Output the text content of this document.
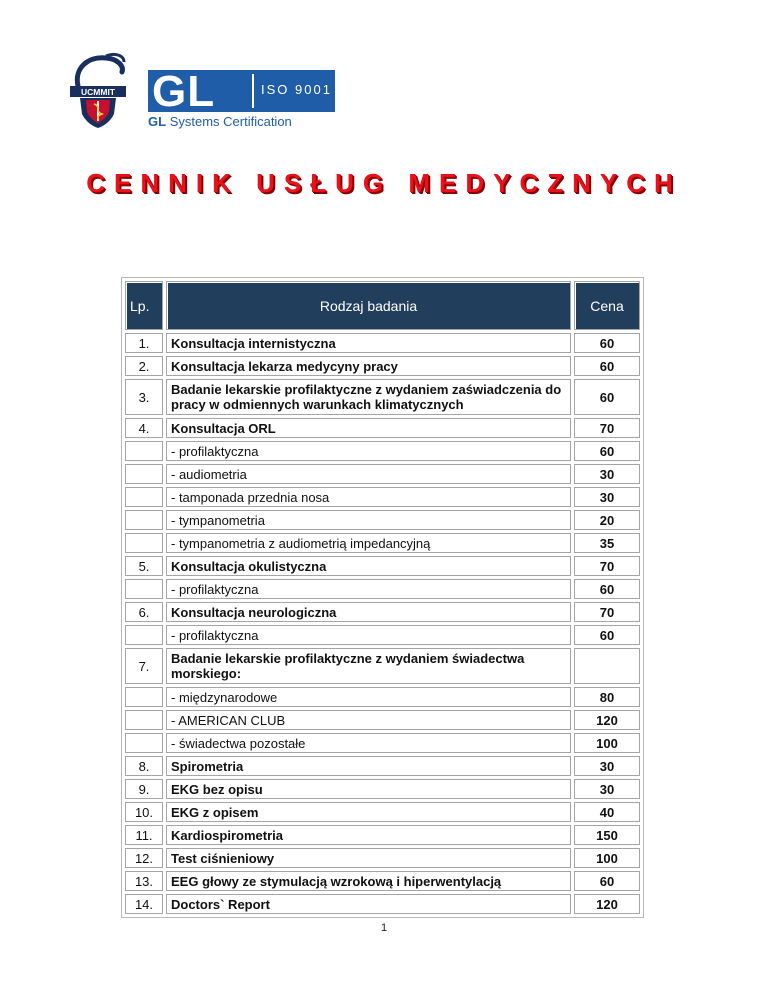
UCMMIT GL	ISO 9001
GL Systems Certification
CENNIK USŁUG MEDYCZNYCH
Lp.	Rodzaj badania	Cena
1.	Konsultacja internistyczna	60
2.	Konsultacja lekarza medycyny pracy	60
3.	Badanie lekarskie profilaktyczne z wydaniem zaświadczenia do pracy w odmiennych warunkach klimatycznych	60
4.	Konsultacja ORL	70
	- profilaktyczna	60
	- audiometria	30
	- tamponada przednia nosa	30
	- tympanometria	20
	- tympanometria z audiometrią impedancyjną	35
5.	Konsultacja okulistyczna	70
	- profilaktyczna	60
6.	Konsultacja neurologiczna	70
	- profilaktyczna	60
7.	Badanie lekarskie profilaktyczne z wydaniem świadectwa morskiego:	
	- międzynarodowe	80
	- AMERICAN CLUB	120
	- świadectwa pozostałe	100
8.	Spirometria	30
9.	EKG bez opisu	30
10.	EKG z opisem	40
11.	Kardiospirometria	150
12.	Test ciśnieniowy	100
13.	EEG głowy ze stymulacją wzrokową i hiperwentylacją	60
14.	Doctors` Report	120
1
